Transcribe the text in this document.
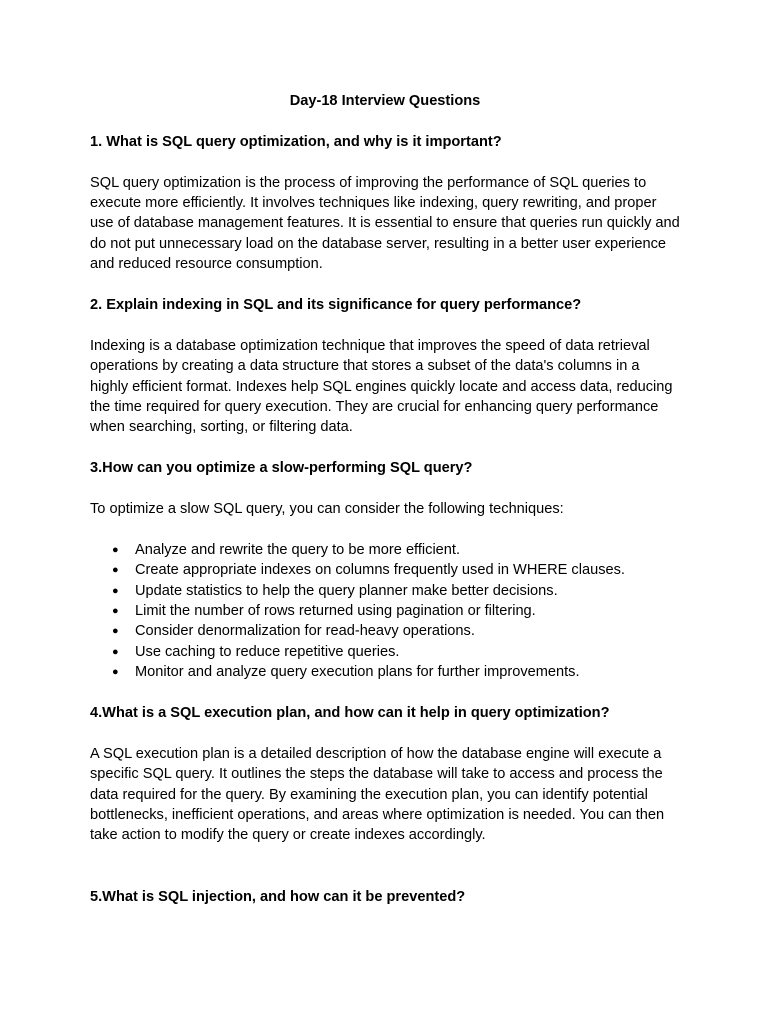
Day-18 Interview Questions
1. What is SQL query optimization, and why is it important?
SQL query optimization is the process of improving the performance of SQL queries to execute more efficiently. It involves techniques like indexing, query rewriting, and proper use of database management features. It is essential to ensure that queries run quickly and do not put unnecessary load on the database server, resulting in a better user experience and reduced resource consumption.
2. Explain indexing in SQL and its significance for query performance?
Indexing is a database optimization technique that improves the speed of data retrieval operations by creating a data structure that stores a subset of the data's columns in a highly efficient format. Indexes help SQL engines quickly locate and access data, reducing the time required for query execution. They are crucial for enhancing query performance when searching, sorting, or filtering data.
3.How can you optimize a slow-performing SQL query?
To optimize a slow SQL query, you can consider the following techniques:
● Analyze and rewrite the query to be more efficient.
● Create appropriate indexes on columns frequently used in WHERE clauses.
● Update statistics to help the query planner make better decisions.
● Limit the number of rows returned using pagination or filtering.
● Consider denormalization for read-heavy operations.
● Use caching to reduce repetitive queries.
● Monitor and analyze query execution plans for further improvements.
4.What is a SQL execution plan, and how can it help in query optimization?
A SQL execution plan is a detailed description of how the database engine will execute a specific SQL query. It outlines the steps the database will take to access and process the data required for the query. By examining the execution plan, you can identify potential bottlenecks, inefficient operations, and areas where optimization is needed. You can then take action to modify the query or create indexes accordingly.
5.What is SQL injection, and how can it be prevented?
